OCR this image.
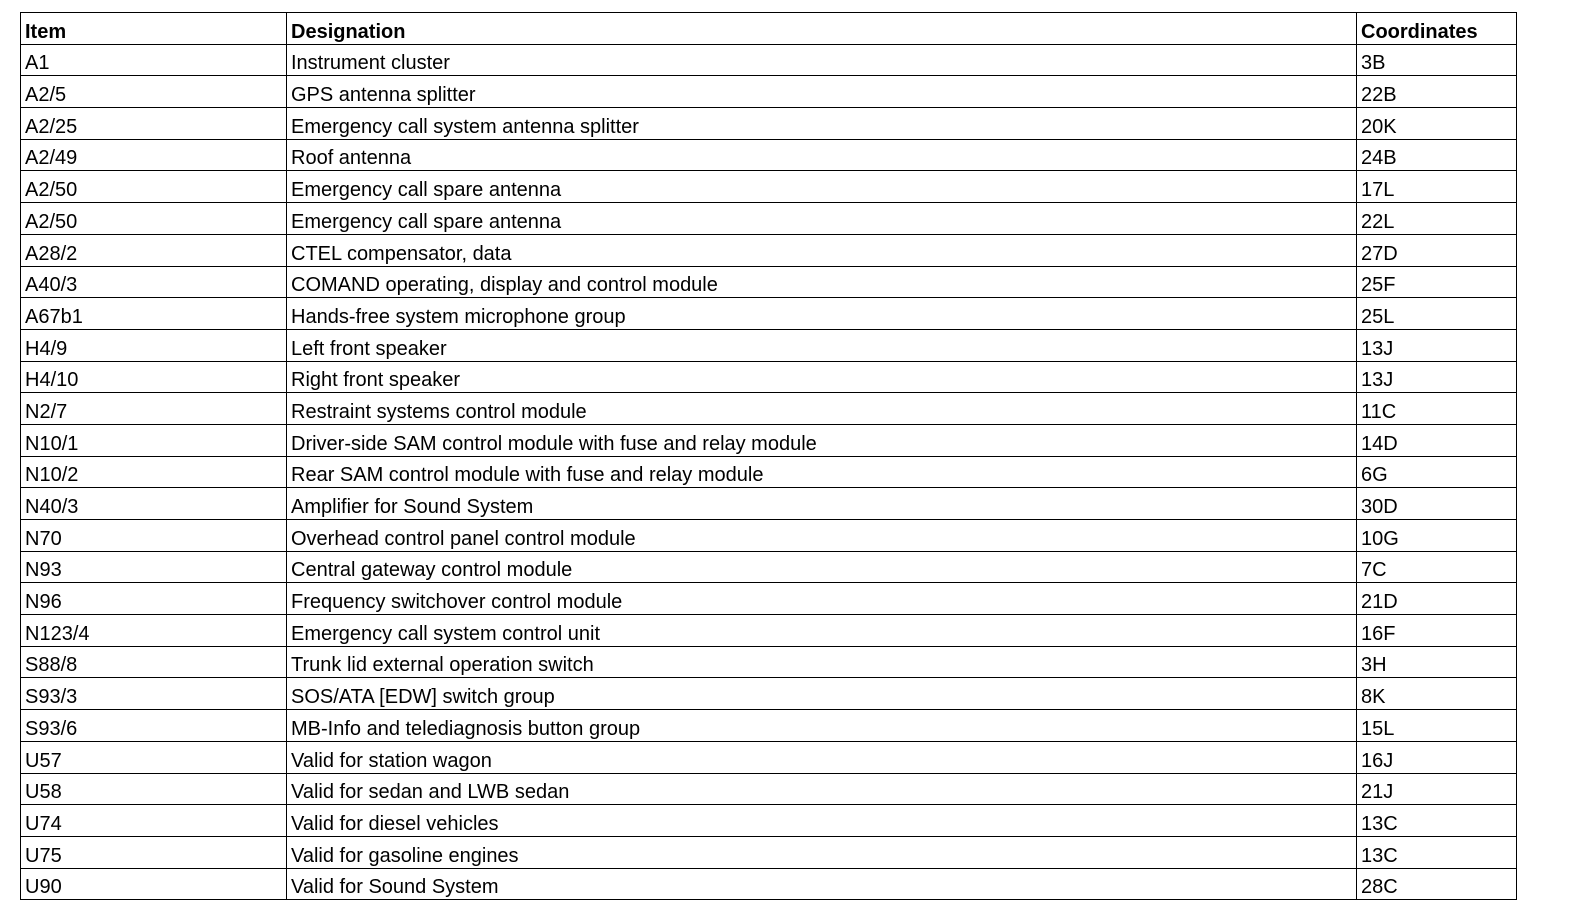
Item	Designation	Coordinates
A1	Instrument cluster	3B
A2/5	GPS antenna splitter	22B
A2/25	Emergency call system antenna splitter	20K
A2/49	Roof antenna	24B
A2/50	Emergency call spare antenna	17L
A2/50	Emergency call spare antenna	22L
A28/2	CTEL compensator, data	27D
A40/3	COMAND operating, display and control module	25F
A67b1	Hands-free system microphone group	25L
H4/9	Left front speaker	13J
H4/10	Right front speaker	13J
N2/7	Restraint systems control module	11C
N10/1	Driver-side SAM control module with fuse and relay module	14D
N10/2	Rear SAM control module with fuse and relay module	6G
N40/3	Amplifier for Sound System	30D
N70	Overhead control panel control module	10G
N93	Central gateway control module	7C
N96	Frequency switchover control module	21D
N123/4	Emergency call system control unit	16F
S88/8	Trunk lid external operation switch	3H
S93/3	SOS/ATA [EDW] switch group	8K
S93/6	MB-Info and telediagnosis button group	15L
U57	Valid for station wagon	16J
U58	Valid for sedan and LWB sedan	21J
U74	Valid for diesel vehicles	13C
U75	Valid for gasoline engines	13C
U90	Valid for Sound System	28C
